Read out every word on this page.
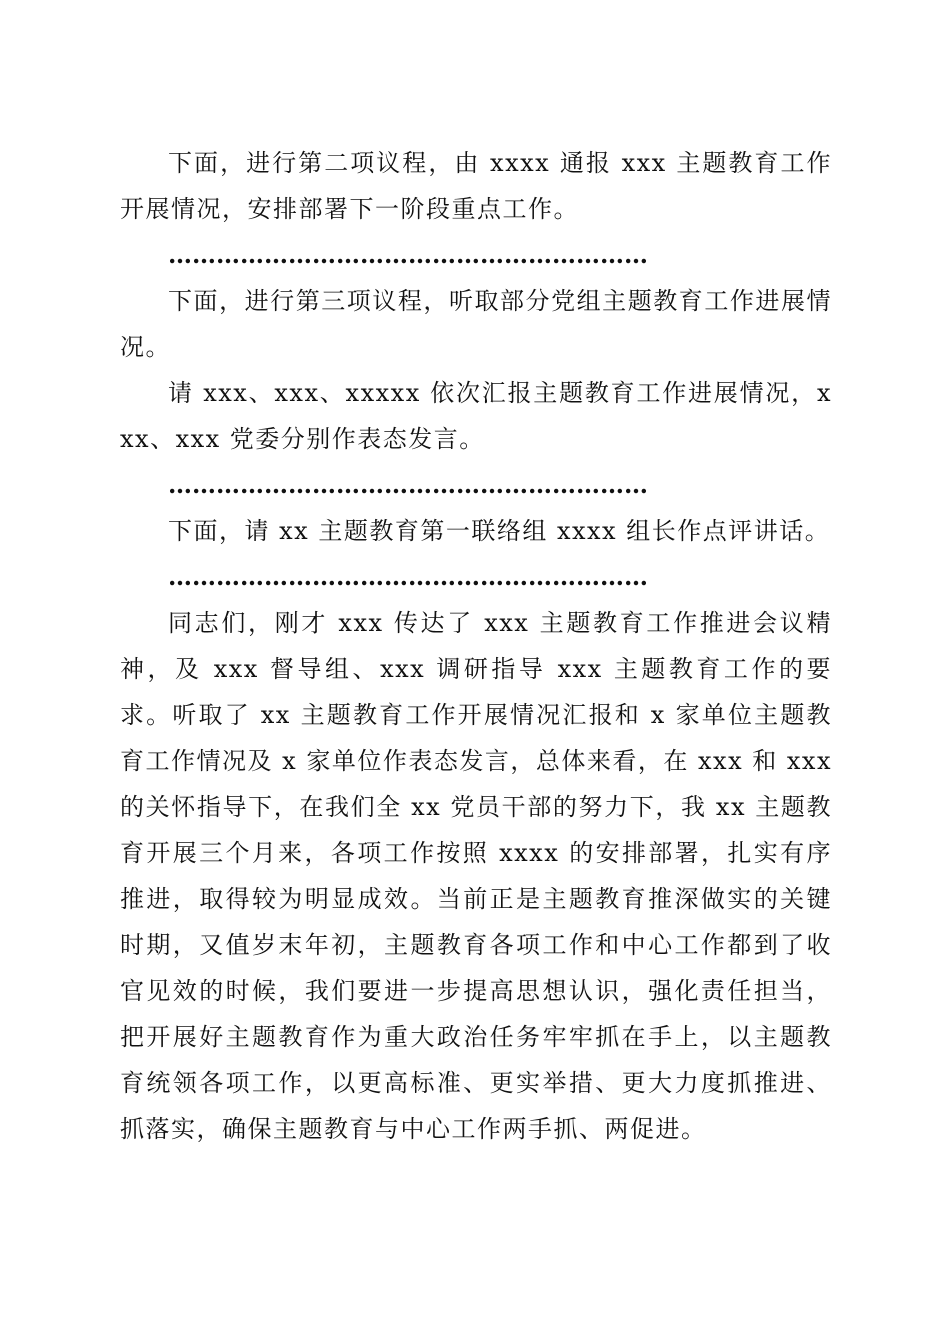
下面，进行第二项议程，由 xxxx 通报 xxx 主题教育工作开展情况，安排部署下一阶段重点工作。

……………………………………………………

下面，进行第三项议程，听取部分党组主题教育工作进展情况。

请 xxx、xxx、xxxxx 依次汇报主题教育工作进展情况，xxx、xxx 党委分别作表态发言。

……………………………………………………

下面，请 xx 主题教育第一联络组 xxxx 组长作点评讲话。

……………………………………………………

同志们，刚才 xxx 传达了 xxx 主题教育工作推进会议精神，及 xxx 督导组、xxx 调研指导 xxx 主题教育工作的要求。听取了 xx 主题教育工作开展情况汇报和 x 家单位主题教育工作情况及 x 家单位作表态发言，总体来看，在 xxx 和 xxx 的关怀指导下，在我们全 xx 党员干部的努力下，我 xx 主题教育开展三个月来，各项工作按照 xxxx 的安排部署，扎实有序推进，取得较为明显成效。当前正是主题教育推深做实的关键时期，又值岁末年初，主题教育各项工作和中心工作都到了收官见效的时候，我们要进一步提高思想认识，强化责任担当，把开展好主题教育作为重大政治任务牢牢抓在手上，以主题教育统领各项工作，以更高标准、更实举措、更大力度抓推进、抓落实，确保主题教育与中心工作两手抓、两促进。
